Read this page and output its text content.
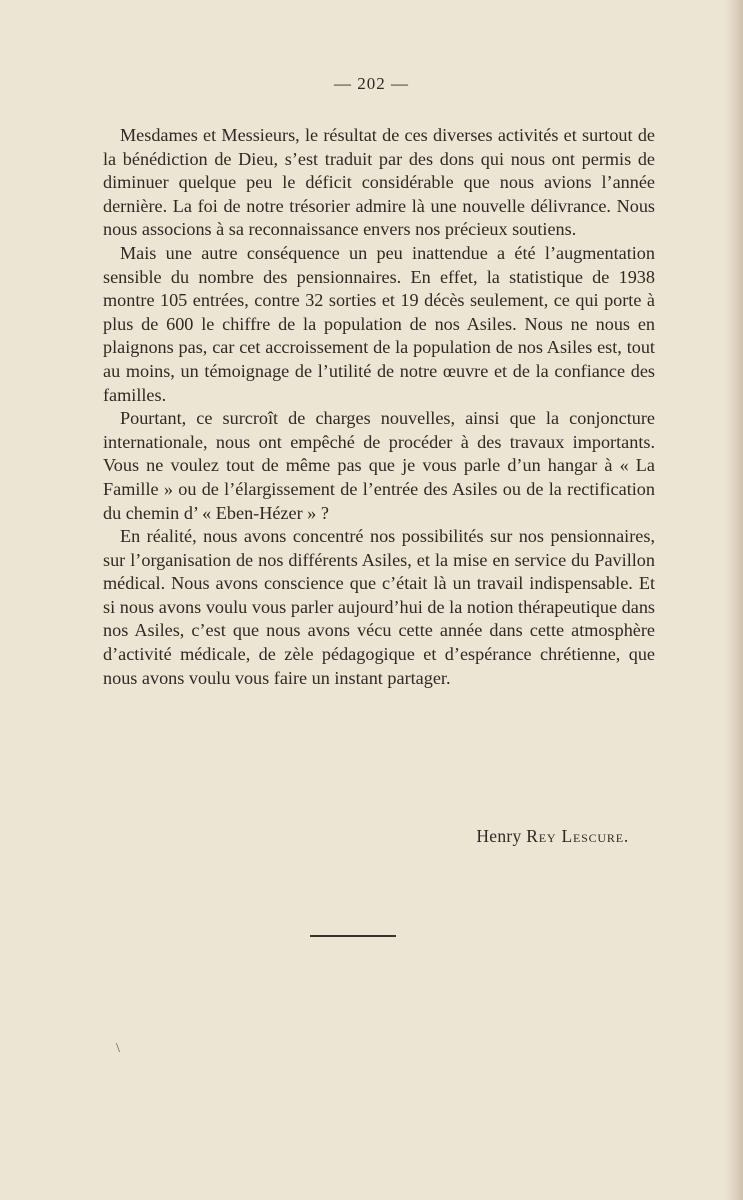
— 202 —

Mesdames et Messieurs, le résultat de ces diverses activités et surtout de la bénédiction de Dieu, s’est traduit par des dons qui nous ont permis de diminuer quelque peu le déficit considérable que nous avions l’année dernière. La foi de notre trésorier admire là une nouvelle délivrance. Nous nous associons à sa reconnaissance envers nos précieux soutiens.

Mais une autre conséquence un peu inattendue a été l’augmentation sensible du nombre des pensionnaires. En effet, la statistique de 1938 montre 105 entrées, contre 32 sorties et 19 décès seulement, ce qui porte à plus de 600 le chiffre de la population de nos Asiles. Nous ne nous en plaignons pas, car cet accroissement de la population de nos Asiles est, tout au moins, un témoignage de l’utilité de notre œuvre et de la confiance des familles.

Pourtant, ce surcroît de charges nouvelles, ainsi que la conjoncture internationale, nous ont empêché de procéder à des travaux importants. Vous ne voulez tout de même pas que je vous parle d’un hangar à « La Famille » ou de l’élargissement de l’entrée des Asiles ou de la rectification du chemin d’ « Eben-Hézer » ?

En réalité, nous avons concentré nos possibilités sur nos pensionnaires, sur l’organisation de nos différents Asiles, et la mise en service du Pavillon médical. Nous avons conscience que c’était là un travail indispensable. Et si nous avons voulu vous parler aujourd’hui de la notion thérapeutique dans nos Asiles, c’est que nous avons vécu cette année dans cette atmosphère d’activité médicale, de zèle pédagogique et d’espérance chrétienne, que nous avons voulu vous faire un instant partager.

Henry Rey Lescure.
\
